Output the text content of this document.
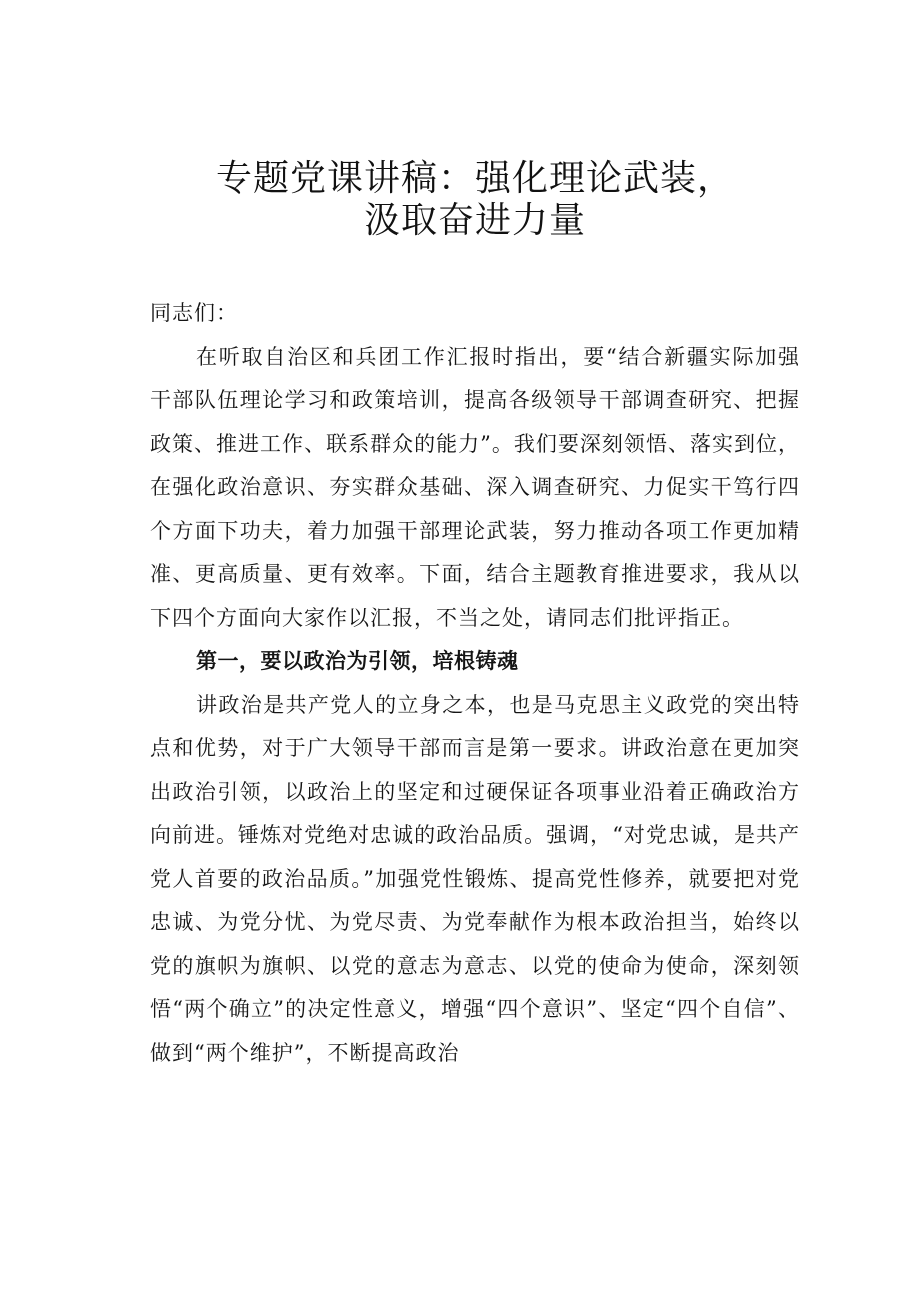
专题党课讲稿：强化理论武装，
汲取奋进力量

同志们：

在听取自治区和兵团工作汇报时指出，要“结合新疆实际加强干部队伍理论学习和政策培训，提高各级领导干部调查研究、把握政策、推进工作、联系群众的能力”。我们要深刻领悟、落实到位，在强化政治意识、夯实群众基础、深入调查研究、力促实干笃行四个方面下功夫，着力加强干部理论武装，努力推动各项工作更加精准、更高质量、更有效率。下面，结合主题教育推进要求，我从以下四个方面向大家作以汇报，不当之处，请同志们批评指正。

第一，要以政治为引领，培根铸魂

讲政治是共产党人的立身之本，也是马克思主义政党的突出特点和优势，对于广大领导干部而言是第一要求。讲政治意在更加突出政治引领，以政治上的坚定和过硬保证各项事业沿着正确政治方向前进。锤炼对党绝对忠诚的政治品质。强调，“对党忠诚，是共产党人首要的政治品质。”加强党性锻炼、提高党性修养，就要把对党忠诚、为党分忧、为党尽责、为党奉献作为根本政治担当，始终以党的旗帜为旗帜、以党的意志为意志、以党的使命为使命，深刻领悟“两个确立”的决定性意义，增强“四个意识”、坚定“四个自信”、做到“两个维护”，不断提高政治
